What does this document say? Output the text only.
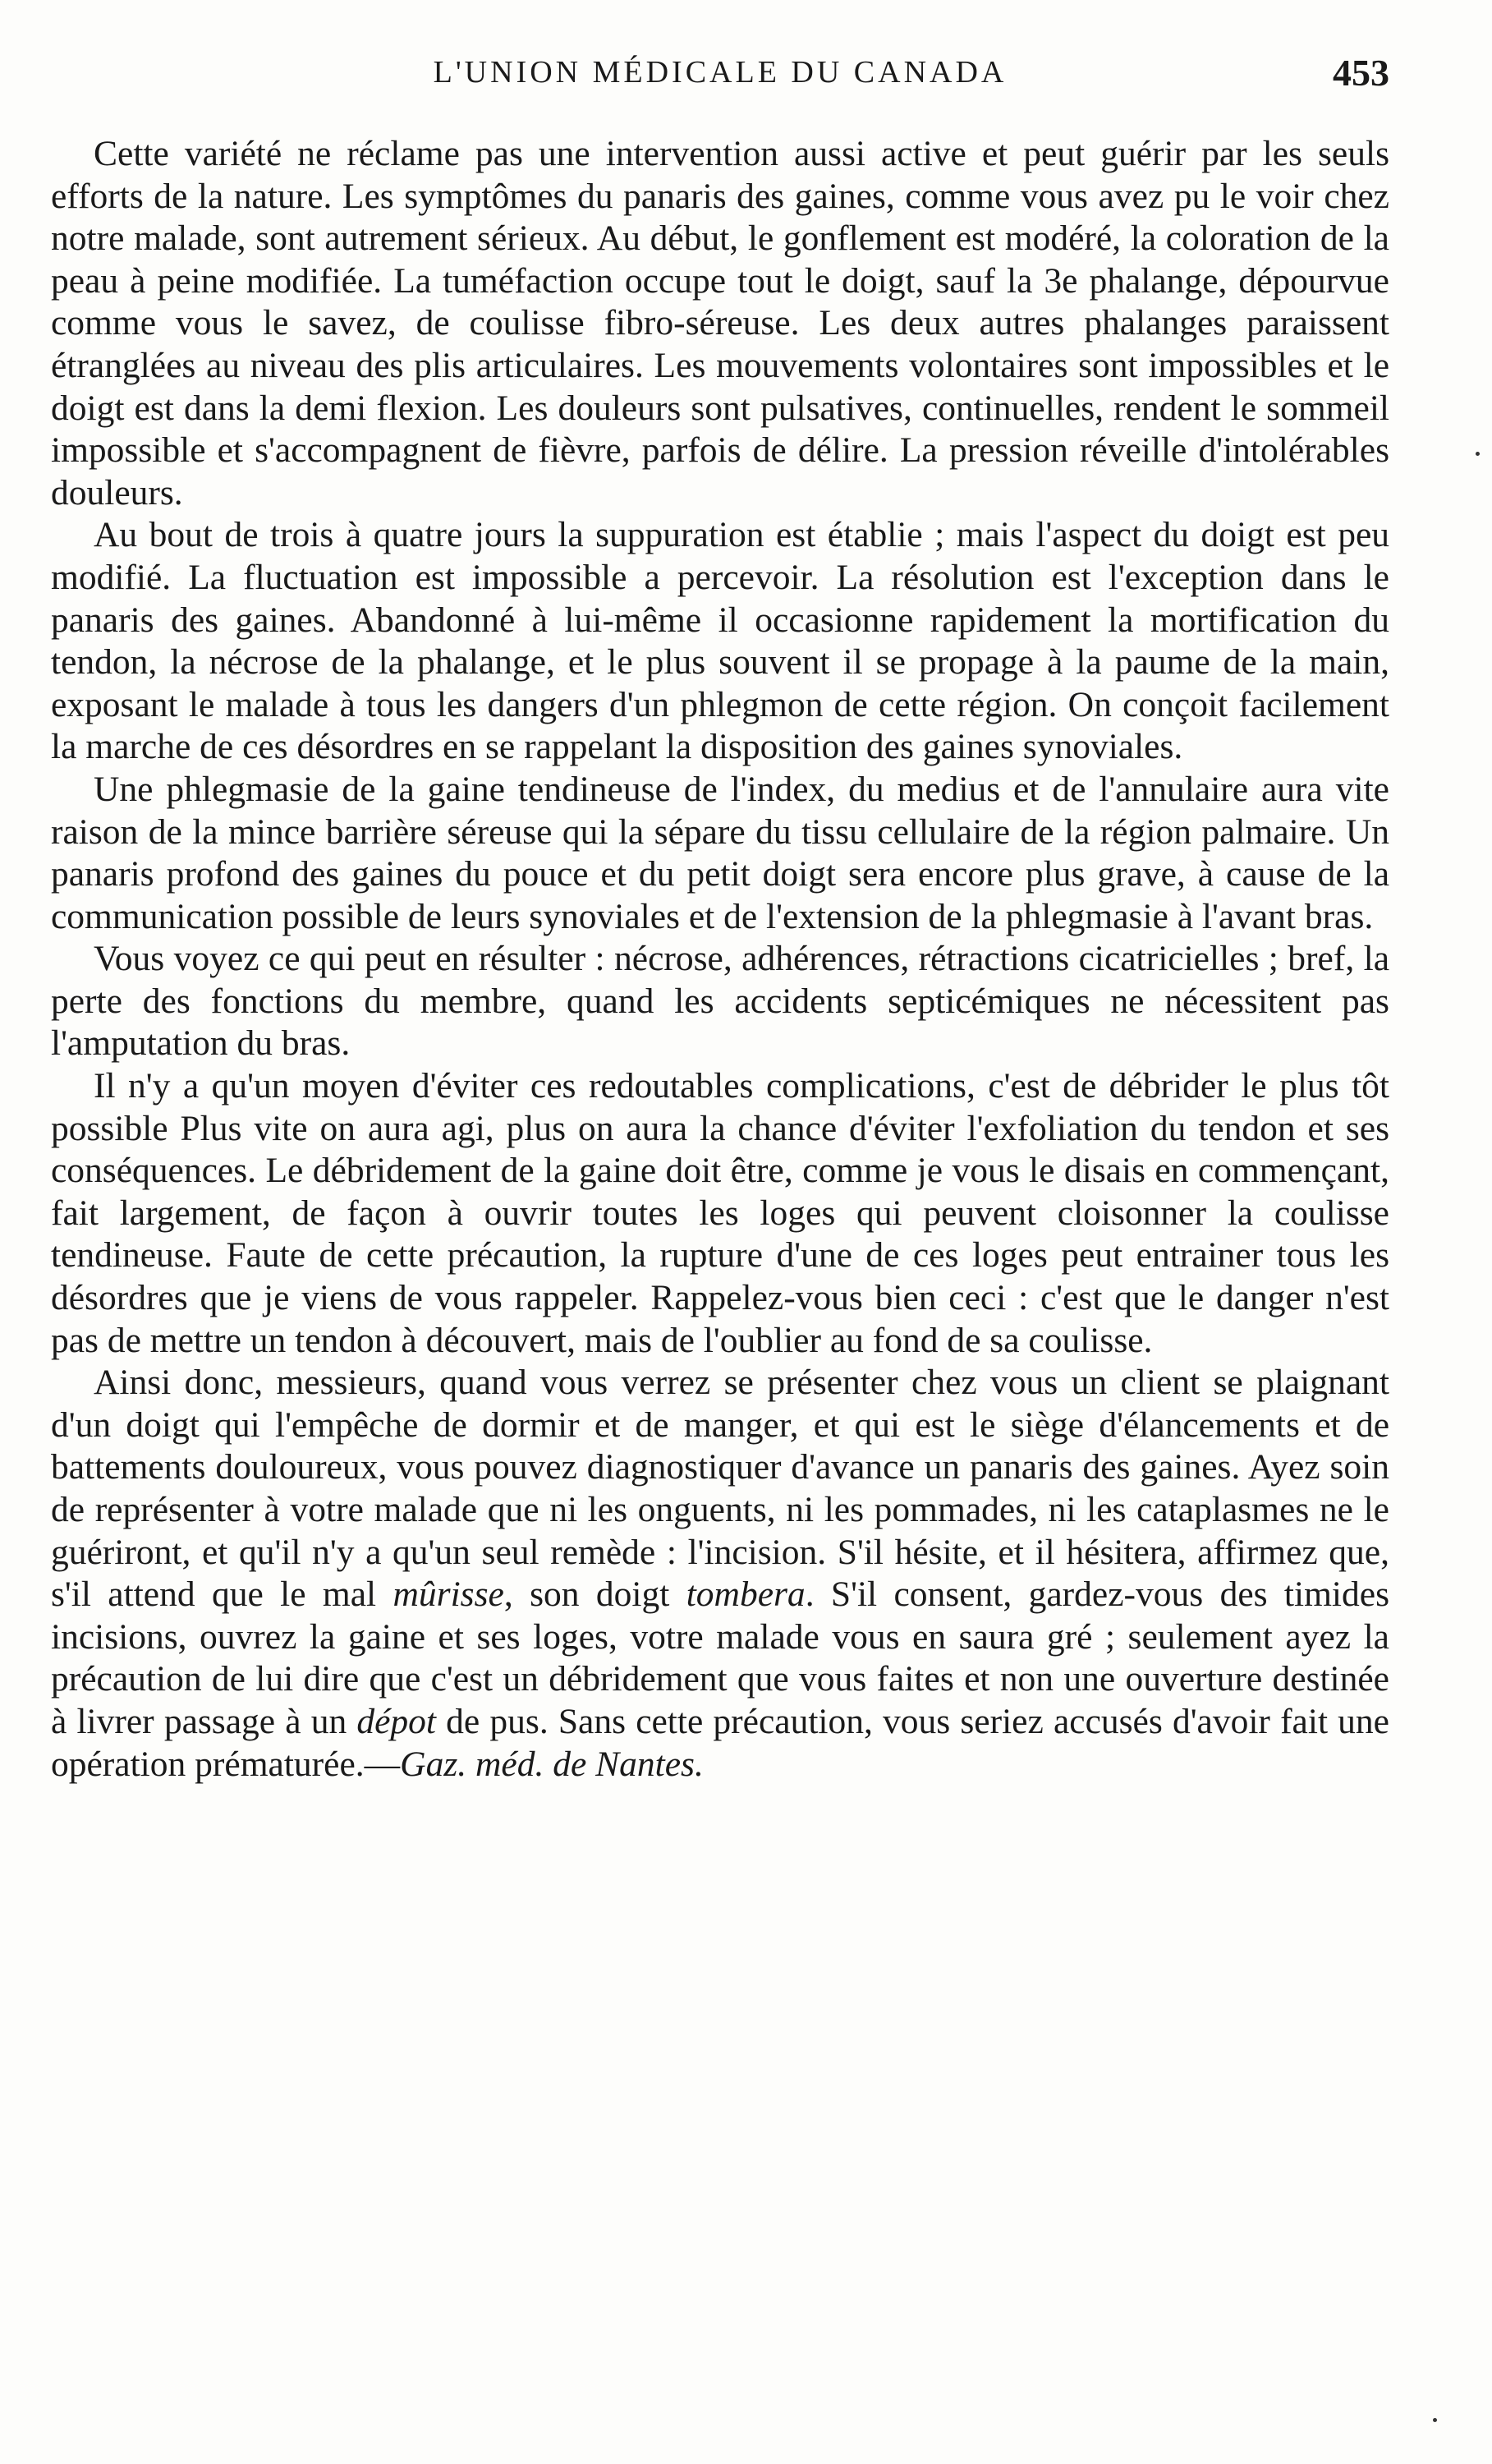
L'UNION MÉDICALE DU CANADA	453

Cette variété ne réclame pas une intervention aussi active et peut guérir par les seuls efforts de la nature. Les symptômes du panaris des gaines, comme vous avez pu le voir chez notre malade, sont autrement sérieux. Au début, le gonflement est modéré, la coloration de la peau à peine modifiée. La tuméfaction occupe tout le doigt, sauf la 3e phalange, dépourvue comme vous le savez, de coulisse fibro-séreuse. Les deux autres phalanges paraissent étranglées au niveau des plis articulaires. Les mouvements volontaires sont impossibles et le doigt est dans la demi flexion. Les douleurs sont pulsatives, continuelles, rendent le sommeil impossible et s'accompagnent de fièvre, parfois de délire. La pression réveille d'intolérables douleurs.

Au bout de trois à quatre jours la suppuration est établie ; mais l'aspect du doigt est peu modifié. La fluctuation est impossible a percevoir. La résolution est l'exception dans le panaris des gaines. Abandonné à lui-même il occasionne rapidement la mortification du tendon, la nécrose de la phalange, et le plus souvent il se propage à la paume de la main, exposant le malade à tous les dangers d'un phlegmon de cette région. On conçoit facilement la marche de ces désordres en se rappelant la disposition des gaines synoviales.

Une phlegmasie de la gaine tendineuse de l'index, du medius et de l'annulaire aura vite raison de la mince barrière séreuse qui la sépare du tissu cellulaire de la région palmaire. Un panaris profond des gaines du pouce et du petit doigt sera encore plus grave, à cause de la communication possible de leurs synoviales et de l'extension de la phlegmasie à l'avant bras.

Vous voyez ce qui peut en résulter : nécrose, adhérences, rétractions cicatricielles ; bref, la perte des fonctions du membre, quand les accidents septicémiques ne nécessitent pas l'amputation du bras.

Il n'y a qu'un moyen d'éviter ces redoutables complications, c'est de débrider le plus tôt possible Plus vite on aura agi, plus on aura la chance d'éviter l'exfoliation du tendon et ses conséquences. Le débridement de la gaine doit être, comme je vous le disais en commençant, fait largement, de façon à ouvrir toutes les loges qui peuvent cloisonner la coulisse tendineuse. Faute de cette précaution, la rupture d'une de ces loges peut entrainer tous les désordres que je viens de vous rappeler. Rappelez-vous bien ceci : c'est que le danger n'est pas de mettre un tendon à découvert, mais de l'oublier au fond de sa coulisse.

Ainsi donc, messieurs, quand vous verrez se présenter chez vous un client se plaignant d'un doigt qui l'empêche de dormir et de manger, et qui est le siège d'élancements et de battements douloureux, vous pouvez diagnostiquer d'avance un panaris des gaines. Ayez soin de représenter à votre malade que ni les onguents, ni les pommades, ni les cataplasmes ne le guériront, et qu'il n'y a qu'un seul remède : l'incision. S'il hésite, et il hésitera, affirmez que, s'il attend que le mal mûrisse, son doigt tombera. S'il consent, gardez-vous des timides incisions, ouvrez la gaine et ses loges, votre malade vous en saura gré ; seulement ayez la précaution de lui dire que c'est un débridement que vous faites et non une ouverture destinée à livrer passage à un dépot de pus. Sans cette précaution, vous seriez accusés d'avoir fait une opération prématurée.—Gaz. méd. de Nantes.
